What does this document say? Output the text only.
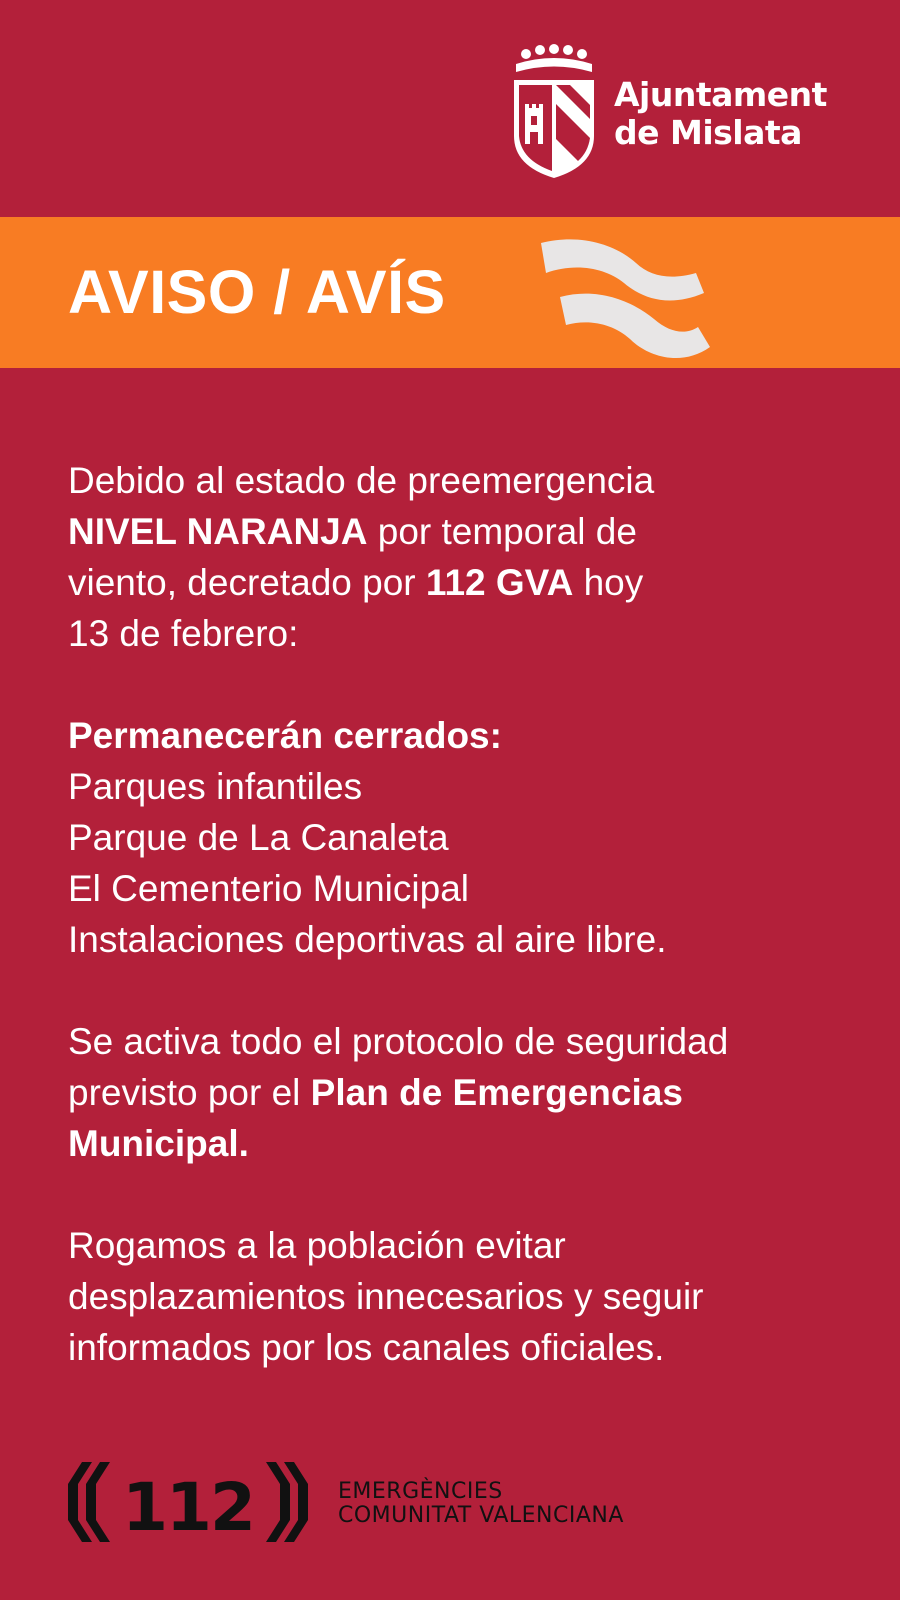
Ajuntament
de Mislata
AVISO / AVÍS

Debido al estado de preemergencia NIVEL NARANJA por temporal de viento, decretado por 112 GVA hoy
13 de febrero:

Permanecerán cerrados:
Parques infantiles
Parque de La Canaleta
El Cementerio Municipal
Instalaciones deportivas al aire libre.

Se activa todo el protocolo de seguridad previsto por el Plan de Emergencias Municipal.

Rogamos a la población evitar desplazamientos innecesarios y seguir informados por los canales oficiales.

112	EMERGÈNCIES
COMUNITAT VALENCIANA
